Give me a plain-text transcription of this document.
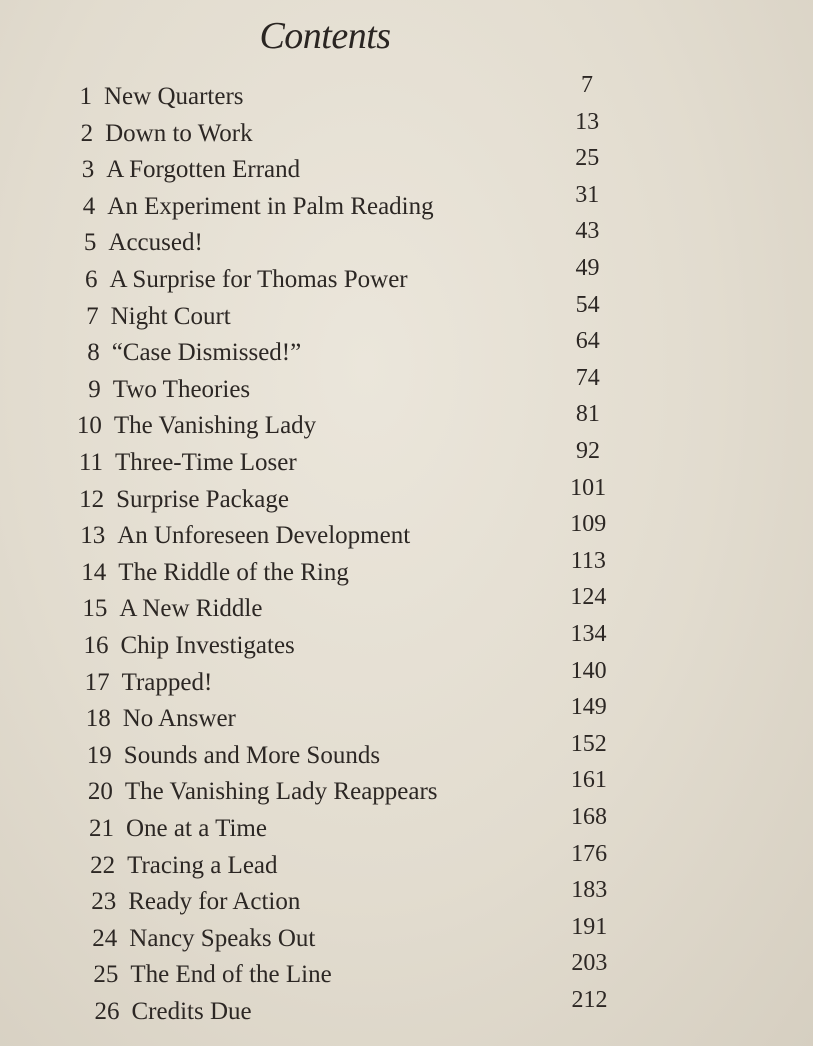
Contents
1 New Quarters	7
2 Down to Work	13
3 A Forgotten Errand	25
4 An Experiment in Palm Reading	31
5 Accused!	43
6 A Surprise for Thomas Power	49
7 Night Court	54
8 “Case Dismissed!”	64
9 Two Theories	74
10 The Vanishing Lady	81
11 Three-Time Loser	92
12 Surprise Package	101
13 An Unforeseen Development	109
14 The Riddle of the Ring	113
15 A New Riddle	124
16 Chip Investigates	134
17 Trapped!	140
18 No Answer	149
19 Sounds and More Sounds	152
20 The Vanishing Lady Reappears	161
21 One at a Time	168
22 Tracing a Lead	176
23 Ready for Action	183
24 Nancy Speaks Out	191
25 The End of the Line	203
26 Credits Due	212
